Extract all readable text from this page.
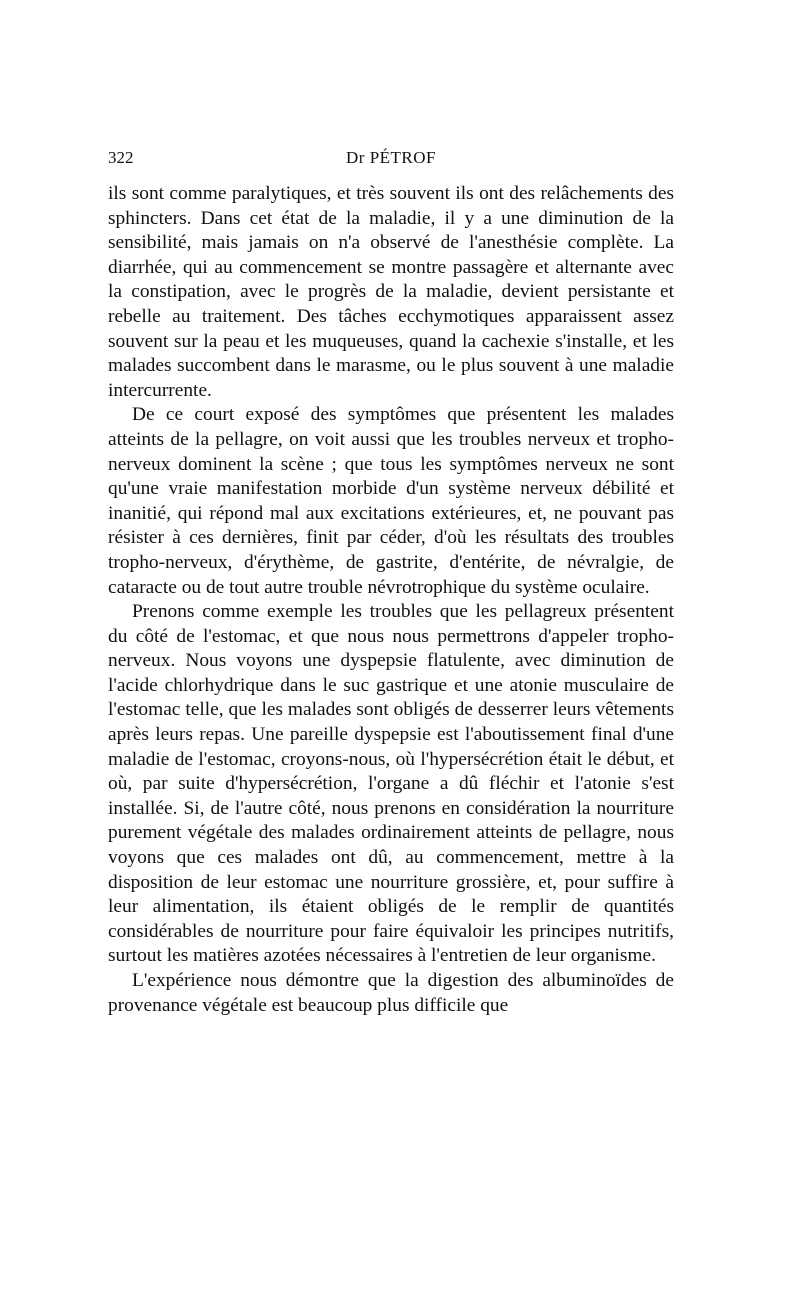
322	Dr PÉTROF

ils sont comme paralytiques, et très souvent ils ont des relâchements des sphincters. Dans cet état de la maladie, il y a une diminution de la sensibilité, mais jamais on n'a observé de l'anesthésie complète. La diarrhée, qui au commencement se montre passagère et alternante avec la constipation, avec le progrès de la maladie, devient persistante et rebelle au traitement. Des tâches ecchymotiques apparaissent assez souvent sur la peau et les muqueuses, quand la cachexie s'installe, et les malades succombent dans le marasme, ou le plus souvent à une maladie intercurrente.

De ce court exposé des symptômes que présentent les malades atteints de la pellagre, on voit aussi que les troubles nerveux et tropho-nerveux dominent la scène ; que tous les symptômes nerveux ne sont qu'une vraie manifestation morbide d'un système nerveux débilité et inanitié, qui répond mal aux excitations extérieures, et, ne pouvant pas résister à ces dernières, finit par céder, d'où les résultats des troubles tropho-nerveux, d'érythème, de gastrite, d'entérite, de névralgie, de cataracte ou de tout autre trouble névrotrophique du système oculaire.

Prenons comme exemple les troubles que les pellagreux présentent du côté de l'estomac, et que nous nous permettrons d'appeler tropho-nerveux. Nous voyons une dyspepsie flatulente, avec diminution de l'acide chlorhydrique dans le suc gastrique et une atonie musculaire de l'estomac telle, que les malades sont obligés de desserrer leurs vêtements après leurs repas. Une pareille dyspepsie est l'aboutissement final d'une maladie de l'estomac, croyons-nous, où l'hypersécrétion était le début, et où, par suite d'hypersécrétion, l'organe a dû fléchir et l'atonie s'est installée. Si, de l'autre côté, nous prenons en considération la nourriture purement végétale des malades ordinairement atteints de pellagre, nous voyons que ces malades ont dû, au commencement, mettre à la disposition de leur estomac une nourriture grossière, et, pour suffire à leur alimentation, ils étaient obligés de le remplir de quantités considérables de nourriture pour faire équivaloir les principes nutritifs, surtout les matières azotées nécessaires à l'entretien de leur organisme.

L'expérience nous démontre que la digestion des albuminoïdes de provenance végétale est beaucoup plus difficile que
